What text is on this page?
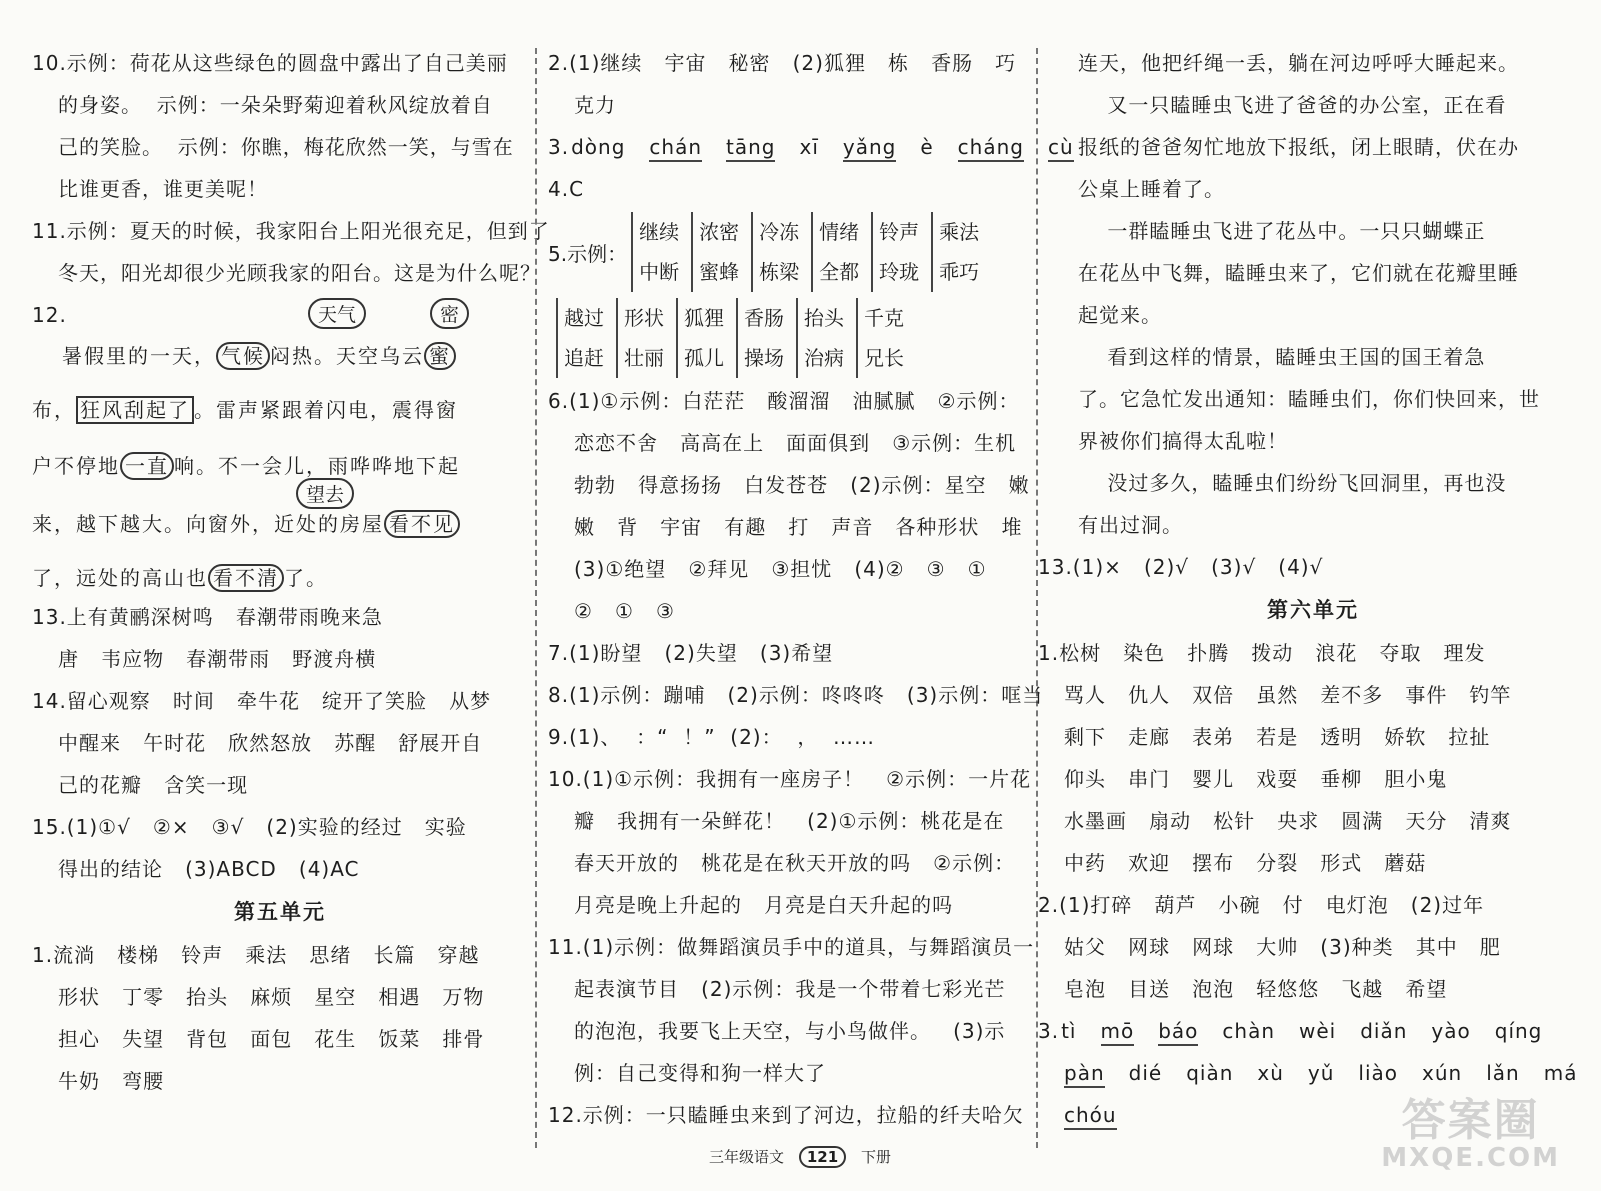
10.示例：荷花从这些绿色的圆盘中露出了自己美丽
的身姿。  示例：一朵朵野菊迎着秋风绽放着自
己的笑脸。  示例：你瞧，梅花欣然一笑，与雪在
比谁更香，谁更美呢！
11.示例：夏天的时候，我家阳台上阳光很充足，但到了
冬天，阳光却很少光顾我家的阳台。这是为什么呢？
12.	天气	密
暑假里的一天， 气候 闷热。天空乌云 蜜
布， 狂风刮起了 。雷声紧跟着闪电，震得窗
户不停地 一直 响。不一会儿，雨哗哗地下起
望去
来，越下越大。向窗外，近处的房屋 看不见
了，远处的高山也 看不清 了。
13.上有黄鹂深树鸣   春潮带雨晚来急
唐   韦应物   春潮带雨   野渡舟横
14.留心观察   时间   牵牛花   绽开了笑脸   从梦
中醒来   午时花   欣然怒放   苏醒   舒展开自
己的花瓣   含笑一现
15.(1)①√   ②×   ③√   (2)实验的经过   实验
得出的结论   (3)ABCD   (4)AC
第五单元
1.流淌   楼梯   铃声   乘法   思绪   长篇   穿越
形状   丁零   抬头   麻烦   星空   相遇   万物
担心   失望   背包   面包   花生   饭菜   排骨
牛奶   弯腰
2.(1)继续   宇宙   秘密   (2)狐狸   栋   香肠   巧
克力
3. dòng chán tāng xī yǎng è cháng cù
4.C
5.示例：
继续
中断
浓密
蜜蜂
冷冻
栋梁
情绪
全都
铃声
玲珑
乘法
乖巧
越过
追赶
形状
壮丽
狐狸
孤儿
香肠
操场
抬头
治病
千克
兄长
6.(1)①示例：白茫茫   酸溜溜   油腻腻   ②示例：
恋恋不舍   高高在上   面面俱到   ③示例：生机
勃勃   得意扬扬   白发苍苍   (2)示例：星空   嫩
嫩   背   宇宙   有趣   打   声音   各种形状   堆
(3)①绝望   ②拜见   ③担忧   (4)②   ③   ①
②   ①   ③
7.(1)盼望   (2)失望   (3)希望
8.(1)示例：蹦哺   (2)示例：咚咚咚   (3)示例：哐当
9.(1)、  ：“  ！”  (2)：  ，  ……
10.(1)①示例：我拥有一座房子！   ②示例：一片花
瓣   我拥有一朵鲜花！   (2)①示例：桃花是在
春天开放的   桃花是在秋天开放的吗   ②示例：
月亮是晚上升起的   月亮是白天升起的吗
11.(1)示例：做舞蹈演员手中的道具，与舞蹈演员一
起表演节目   (2)示例：我是一个带着七彩光芒
的泡泡，我要飞上天空，与小鸟做伴。   (3)示
例：自己变得和狗一样大了
12.示例：一只瞌睡虫来到了河边，拉船的纤夫哈欠
连天，他把纤绳一丢，躺在河边呼呼大睡起来。
又一只瞌睡虫飞进了爸爸的办公室，正在看
报纸的爸爸匆忙地放下报纸，闭上眼睛，伏在办
公桌上睡着了。
一群瞌睡虫飞进了花丛中。一只只蝴蝶正
在花丛中飞舞，瞌睡虫来了，它们就在花瓣里睡
起觉来。
看到这样的情景，瞌睡虫王国的国王着急
了。它急忙发出通知：瞌睡虫们，你们快回来，世
界被你们搞得太乱啦！
没过多久，瞌睡虫们纷纷飞回洞里，再也没
有出过洞。
13.(1)×   (2)√   (3)√   (4)√
第六单元
1.松树   染色   扑腾   拨动   浪花   夺取   理发
骂人   仇人   双倍   虽然   差不多   事件   钓竿
剩下   走廊   表弟   若是   透明   娇软   拉扯
仰头   串门   婴儿   戏耍   垂柳   胆小鬼
水墨画   扇动   松针   央求   圆满   天分   清爽
中药   欢迎   摆布   分裂   形式   蘑菇
2.(1)打碎   葫芦   小碗   付   电灯泡   (2)过年
姑父   网球   网球   大帅   (3)种类   其中   肥
皂泡   目送   泡泡   轻悠悠   飞越   希望
3. tì mō báo chàn wèi diǎn yào qíng
pàn dié qiàn xù yǔ liào xún lǎn má
chóu
三年级语文 121 下册
答案圈
MXQE.COM
